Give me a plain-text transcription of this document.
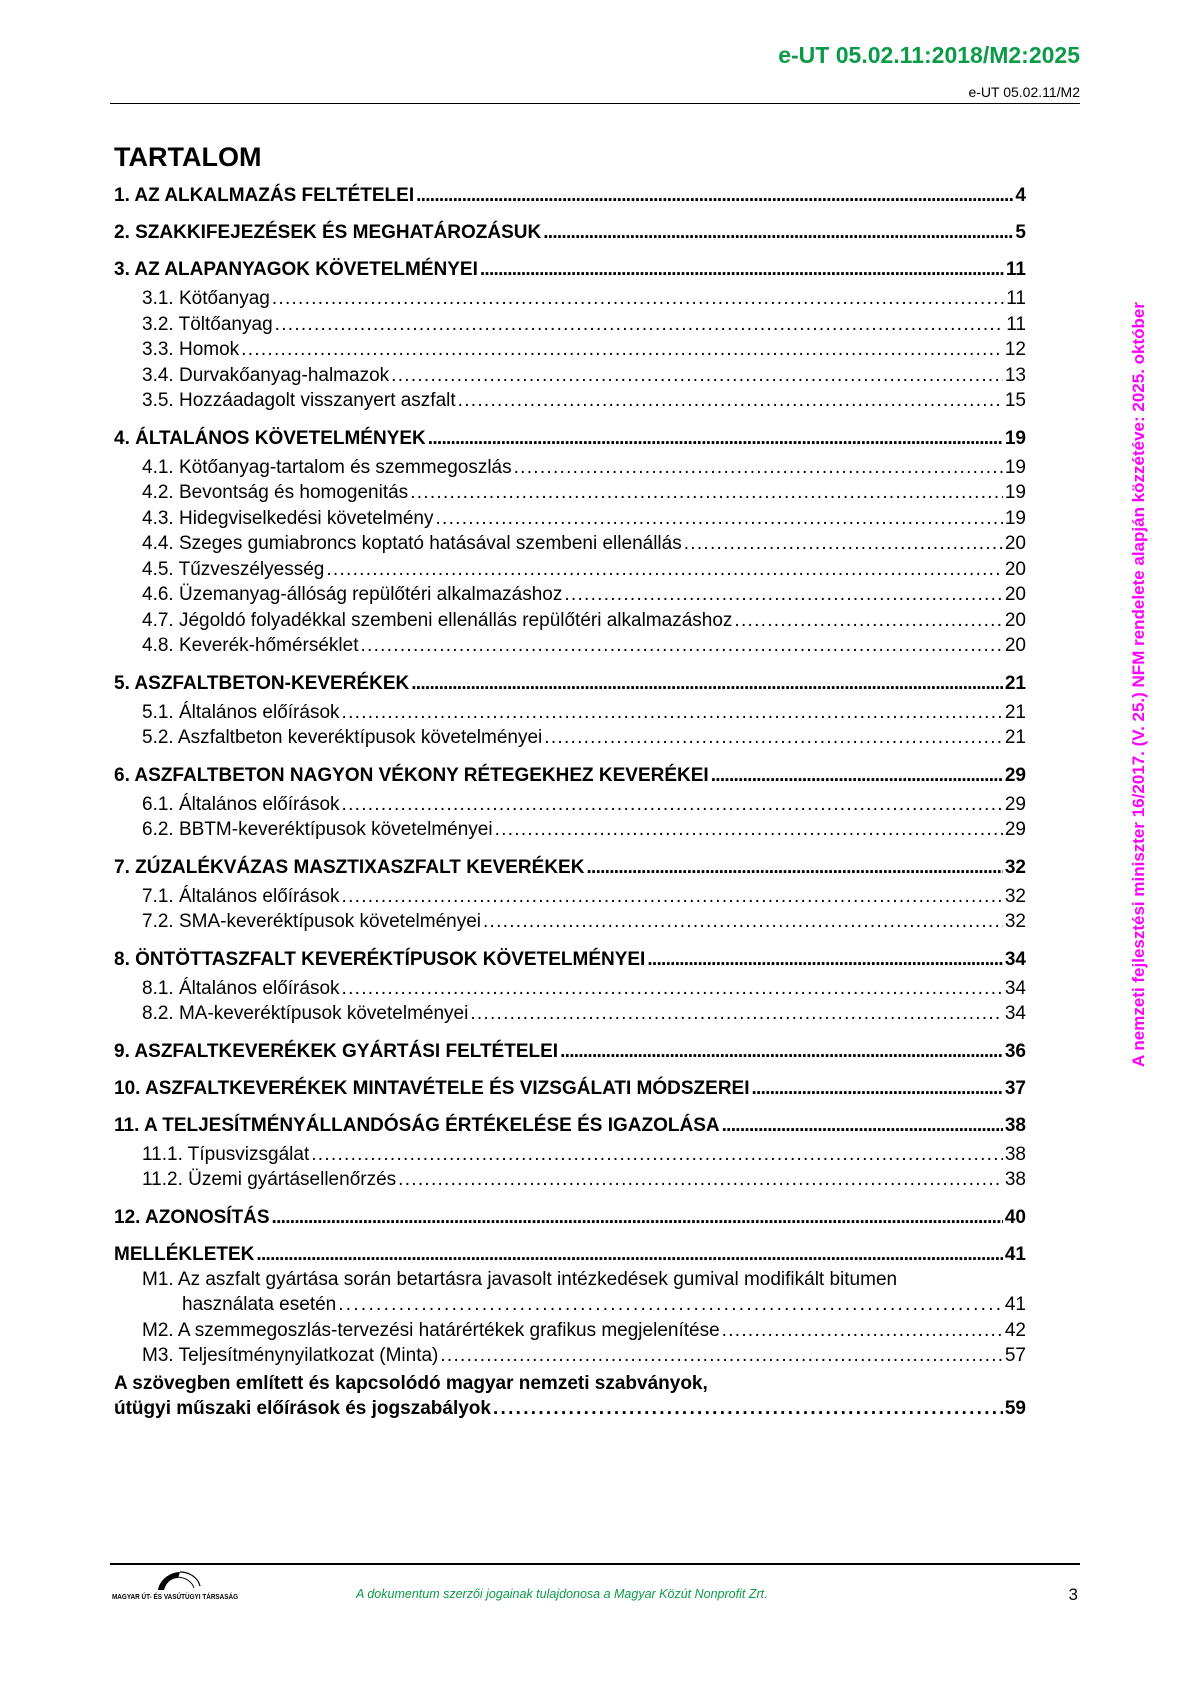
e-UT 05.02.11:2018/M2:2025
e-UT 05.02.11/M2
TARTALOM
1. AZ ALKALMAZÁS FELTÉTELEI . . .	4
2. SZAKKIFEJEZÉSEK ÉS MEGHATÁROZÁSUK . . .	5
3. AZ ALAPANYAGOK KÖVETELMÉNYEI . . .	11
3.1. Kötőanyag . . .	11
3.2. Töltőanyag . . .	11
3.3. Homok . . .	12
3.4. Durvakőanyag-halmazok . . .	13
3.5. Hozzáadagolt visszanyert aszfalt . . .	15
4. ÁLTALÁNOS KÖVETELMÉNYEK . . .	19
4.1. Kötőanyag-tartalom és szemmegoszlás . . .	19
4.2. Bevontság és homogenitás . . .	19
4.3. Hidegviselkedési követelmény . . .	19
4.4. Szeges gumiabroncs koptató hatásával szembeni ellenállás . . .	20
4.5. Tűzveszélyesség . . .	20
4.6. Üzemanyag-állóság repülőtéri alkalmazáshoz . . .	20
4.7. Jégoldó folyadékkal szembeni ellenállás repülőtéri alkalmazáshoz . . .	20
4.8. Keverék-hőmérséklet . . .	20
5. ASZFALTBETON-KEVERÉKEK . . .	21
5.1. Általános előírások . . .	21
5.2. Aszfaltbeton keveréktípusok követelményei . . .	21
6. ASZFALTBETON NAGYON VÉKONY RÉTEGEKHEZ KEVERÉKEI . . .	29
6.1. Általános előírások . . .	29
6.2. BBTM-keveréktípusok követelményei . . .	29
7. ZÚZALÉKVÁZAS MASZTIXASZFALT KEVERÉKEK . . .	32
7.1. Általános előírások . . .	32
7.2. SMA-keveréktípusok követelményei . . .	32
8. ÖNTÖTTASZFALT KEVERÉKTÍPUSOK KÖVETELMÉNYEI . . .	34
8.1. Általános előírások . . .	34
8.2. MA-keveréktípusok követelményei . . .	34
9. ASZFALTKEVERÉKEK GYÁRTÁSI FELTÉTELEI . . .	36
10. ASZFALTKEVERÉKEK MINTAVÉTELE ÉS VIZSGÁLATI MÓDSZEREI . . .	37
11. A TELJESÍTMÉNYÁLLANDÓSÁG ÉRTÉKELÉSE ÉS IGAZOLÁSA . . .	38
11.1. Típusvizsgálat . . .	38
11.2. Üzemi gyártásellenőrzés . . .	38
12. AZONOSÍTÁS . . .	40
MELLÉKLETEK . . .	41
M1. Az aszfalt gyártása során betartásra javasolt intézkedések gumival modifikált bitumen
használata esetén . . .	41
M2. A szemmegoszlás-tervezési határértékek grafikus megjelenítése . . .	42
M3. Teljesítménynyilatkozat (Minta) . . .	57
A szövegben említett és kapcsolódó magyar nemzeti szabványok,
útügyi műszaki előírások és jogszabályok . . .	59
A nemzeti fejlesztési miniszter 16/2017. (V. 25.) NFM rendelete alapján közzétéve: 2025. október
MAGYAR ÚT- ÉS VASÚTÜGYI TÁRSASÁG	A dokumentum szerzői jogainak tulajdonosa a Magyar Közút Nonprofit Zrt.	3
